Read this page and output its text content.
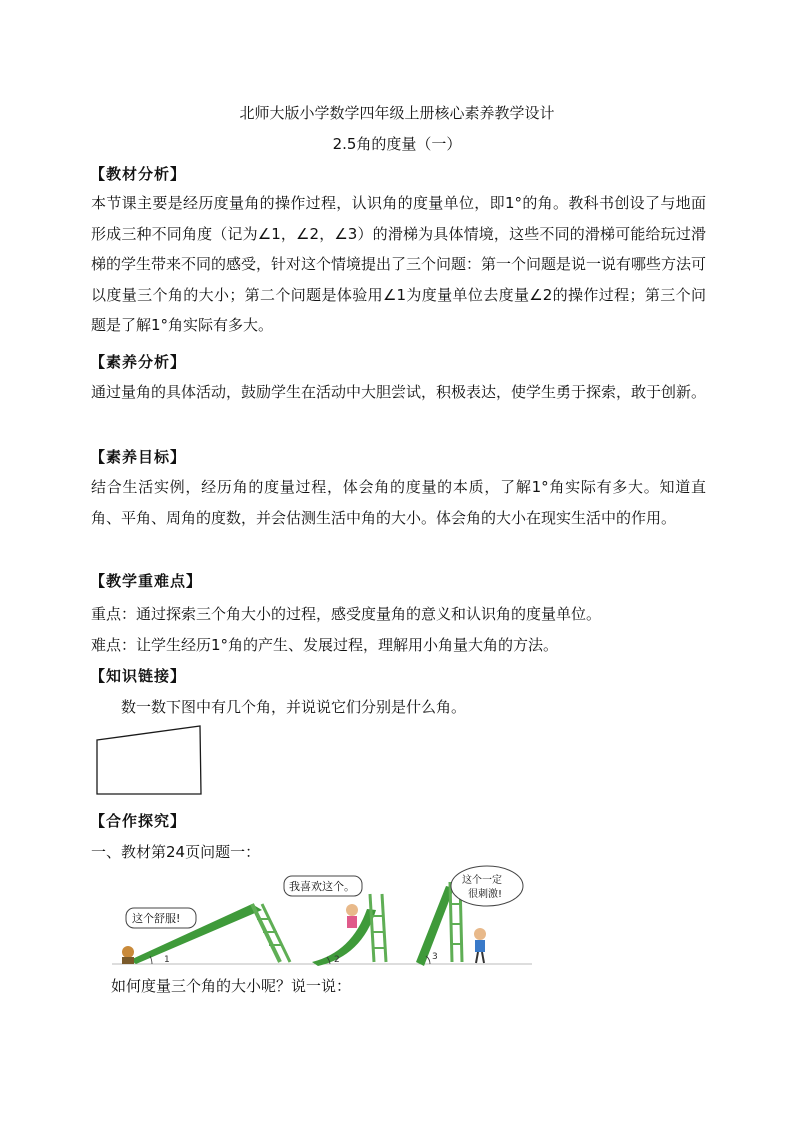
北师大版小学数学四年级上册核心素养教学设计
2.5角的度量（一）
【教材分析】
本节课主要是经历度量角的操作过程，认识角的度量单位，即1°的角。教科书创设了与地面形成三种不同角度（记为∠1，∠2，∠3）的滑梯为具体情境，这些不同的滑梯可能给玩过滑梯的学生带来不同的感受，针对这个情境提出了三个问题：第一个问题是说一说有哪些方法可以度量三个角的大小；第二个问题是体验用∠1为度量单位去度量∠2的操作过程；第三个问题是了解1°角实际有多大。
【素养分析】
通过量角的具体活动，鼓励学生在活动中大胆尝试，积极表达，使学生勇于探索，敢于创新。
【素养目标】
结合生活实例，经历角的度量过程，体会角的度量的本质，了解1°角实际有多大。知道直角、平角、周角的度数，并会估测生活中角的大小。体会角的大小在现实生活中的作用。
【教学重难点】
重点：通过探索三个角大小的过程，感受度量角的意义和认识角的度量单位。
难点：让学生经历1°角的产生、发展过程，理解用小角量大角的方法。
【知识链接】
数一数下图中有几个角，并说说它们分别是什么角。
【合作探究】
一、教材第24页问题一：
1
这个舒服!
2
我喜欢这个。
3
这个一定
很刺激!
如何度量三个角的大小呢？说一说：
